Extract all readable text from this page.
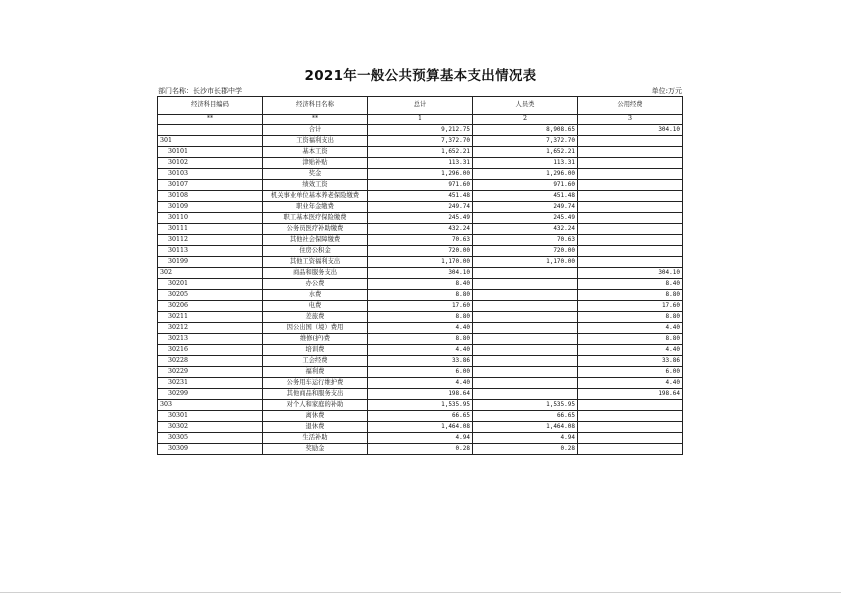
2021年一般公共预算基本支出情况表
部门名称：长沙市长郡中学	单位:万元
经济科目编码	经济科目名称	总计	人员类	公用经费
**	**	1	2	3
	合计	9,212.75	8,908.65	304.10
301	工资福利支出	7,372.70	7,372.70	
30101	基本工资	1,652.21	1,652.21	
30102	津贴补贴	113.31	113.31	
30103	奖金	1,296.00	1,296.00	
30107	绩效工资	971.60	971.60	
30108	机关事业单位基本养老保险缴费	451.48	451.48	
30109	职业年金缴费	249.74	249.74	
30110	职工基本医疗保险缴费	245.49	245.49	
30111	公务员医疗补助缴费	432.24	432.24	
30112	其他社会保障缴费	70.63	70.63	
30113	住房公积金	720.00	720.00	
30199	其他工资福利支出	1,170.00	1,170.00	
302	商品和服务支出	304.10		304.10
30201	办公费	8.40		8.40
30205	水费	8.80		8.80
30206	电费	17.60		17.60
30211	差旅费	8.80		8.80
30212	因公出国（境）费用	4.40		4.40
30213	维修(护)费	8.80		8.80
30216	培训费	4.40		4.40
30228	工会经费	33.86		33.86
30229	福利费	6.00		6.00
30231	公务用车运行维护费	4.40		4.40
30299	其他商品和服务支出	198.64		198.64
303	对个人和家庭的补助	1,535.95	1,535.95	
30301	离休费	66.65	66.65	
30302	退休费	1,464.08	1,464.08	
30305	生活补助	4.94	4.94	
30309	奖励金	0.28	0.28	
